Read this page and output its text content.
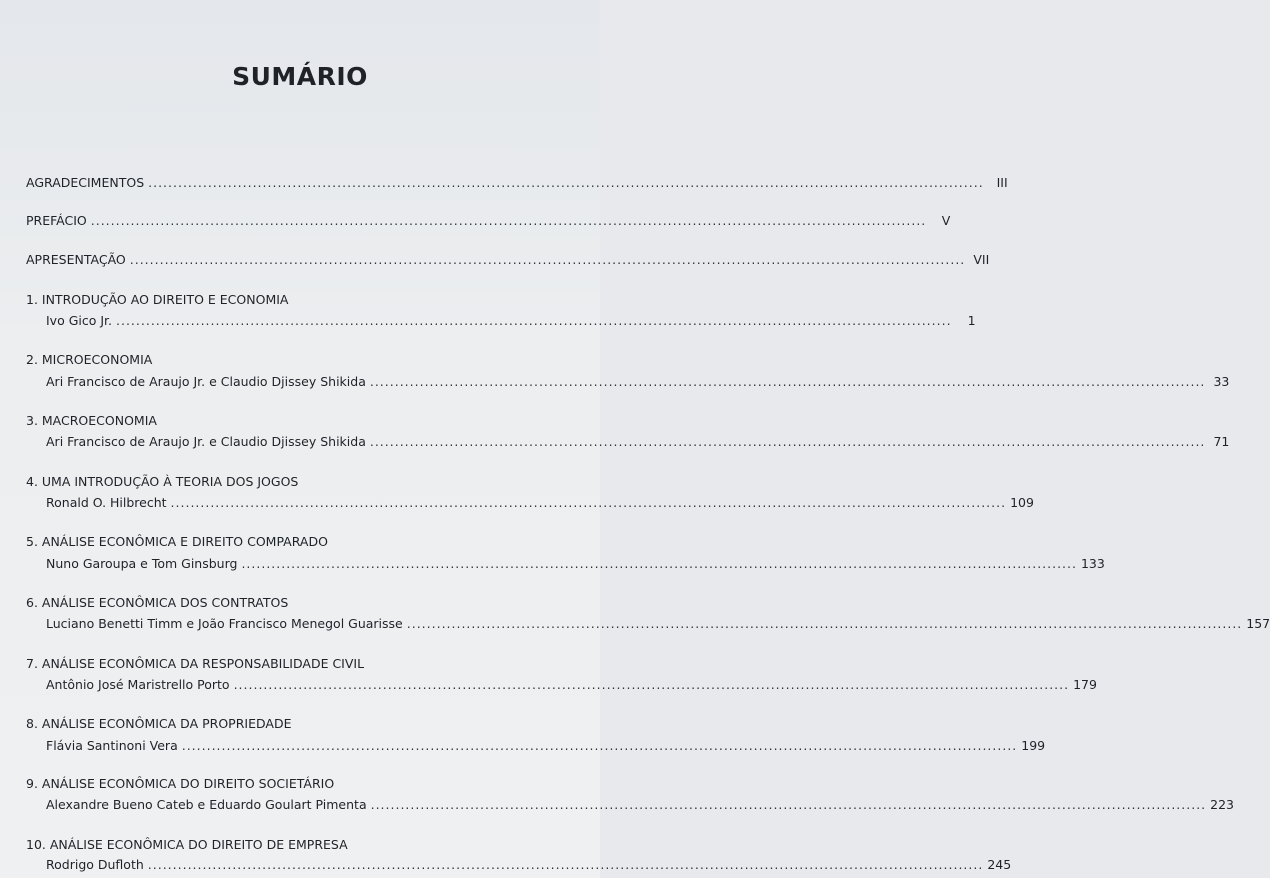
SUMÁRIO
AGRADECIMENTOS ........................................................................................................................................................................	III
PREFÁCIO ........................................................................................................................................................................	V
APRESENTAÇÃO ........................................................................................................................................................................ VII
1. INTRODUÇÃO AO DIREITO E ECONOMIA
Ivo Gico Jr. ........................................................................................................................................................................	1
2. MICROECONOMIA
Ari Francisco de Araujo Jr. e Claudio Djissey Shikida ........................................................................................................................................................................ 33
3. MACROECONOMIA
Ari Francisco de Araujo Jr. e Claudio Djissey Shikida ........................................................................................................................................................................ 71
4. UMA INTRODUÇÃO À TEORIA DOS JOGOS
Ronald O. Hilbrecht ........................................................................................................................................................................ 109
5. ANÁLISE ECONÔMICA E DIREITO COMPARADO
Nuno Garoupa e Tom Ginsburg ........................................................................................................................................................................ 133
6. ANÁLISE ECONÔMICA DOS CONTRATOS
Luciano Benetti Timm e João Francisco Menegol Guarisse ........................................................................................................................................................................ 157
7. ANÁLISE ECONÔMICA DA RESPONSABILIDADE CIVIL
Antônio José Maristrello Porto ........................................................................................................................................................................ 179
8. ANÁLISE ECONÔMICA DA PROPRIEDADE
Flávia Santinoni Vera ........................................................................................................................................................................ 199
9. ANÁLISE ECONÔMICA DO DIREITO SOCIETÁRIO
Alexandre Bueno Cateb e Eduardo Goulart Pimenta ........................................................................................................................................................................ 223
10. ANÁLISE ECONÔMICA DO DIREITO DE EMPRESA
Rodrigo Dufloth ........................................................................................................................................................................ 245
